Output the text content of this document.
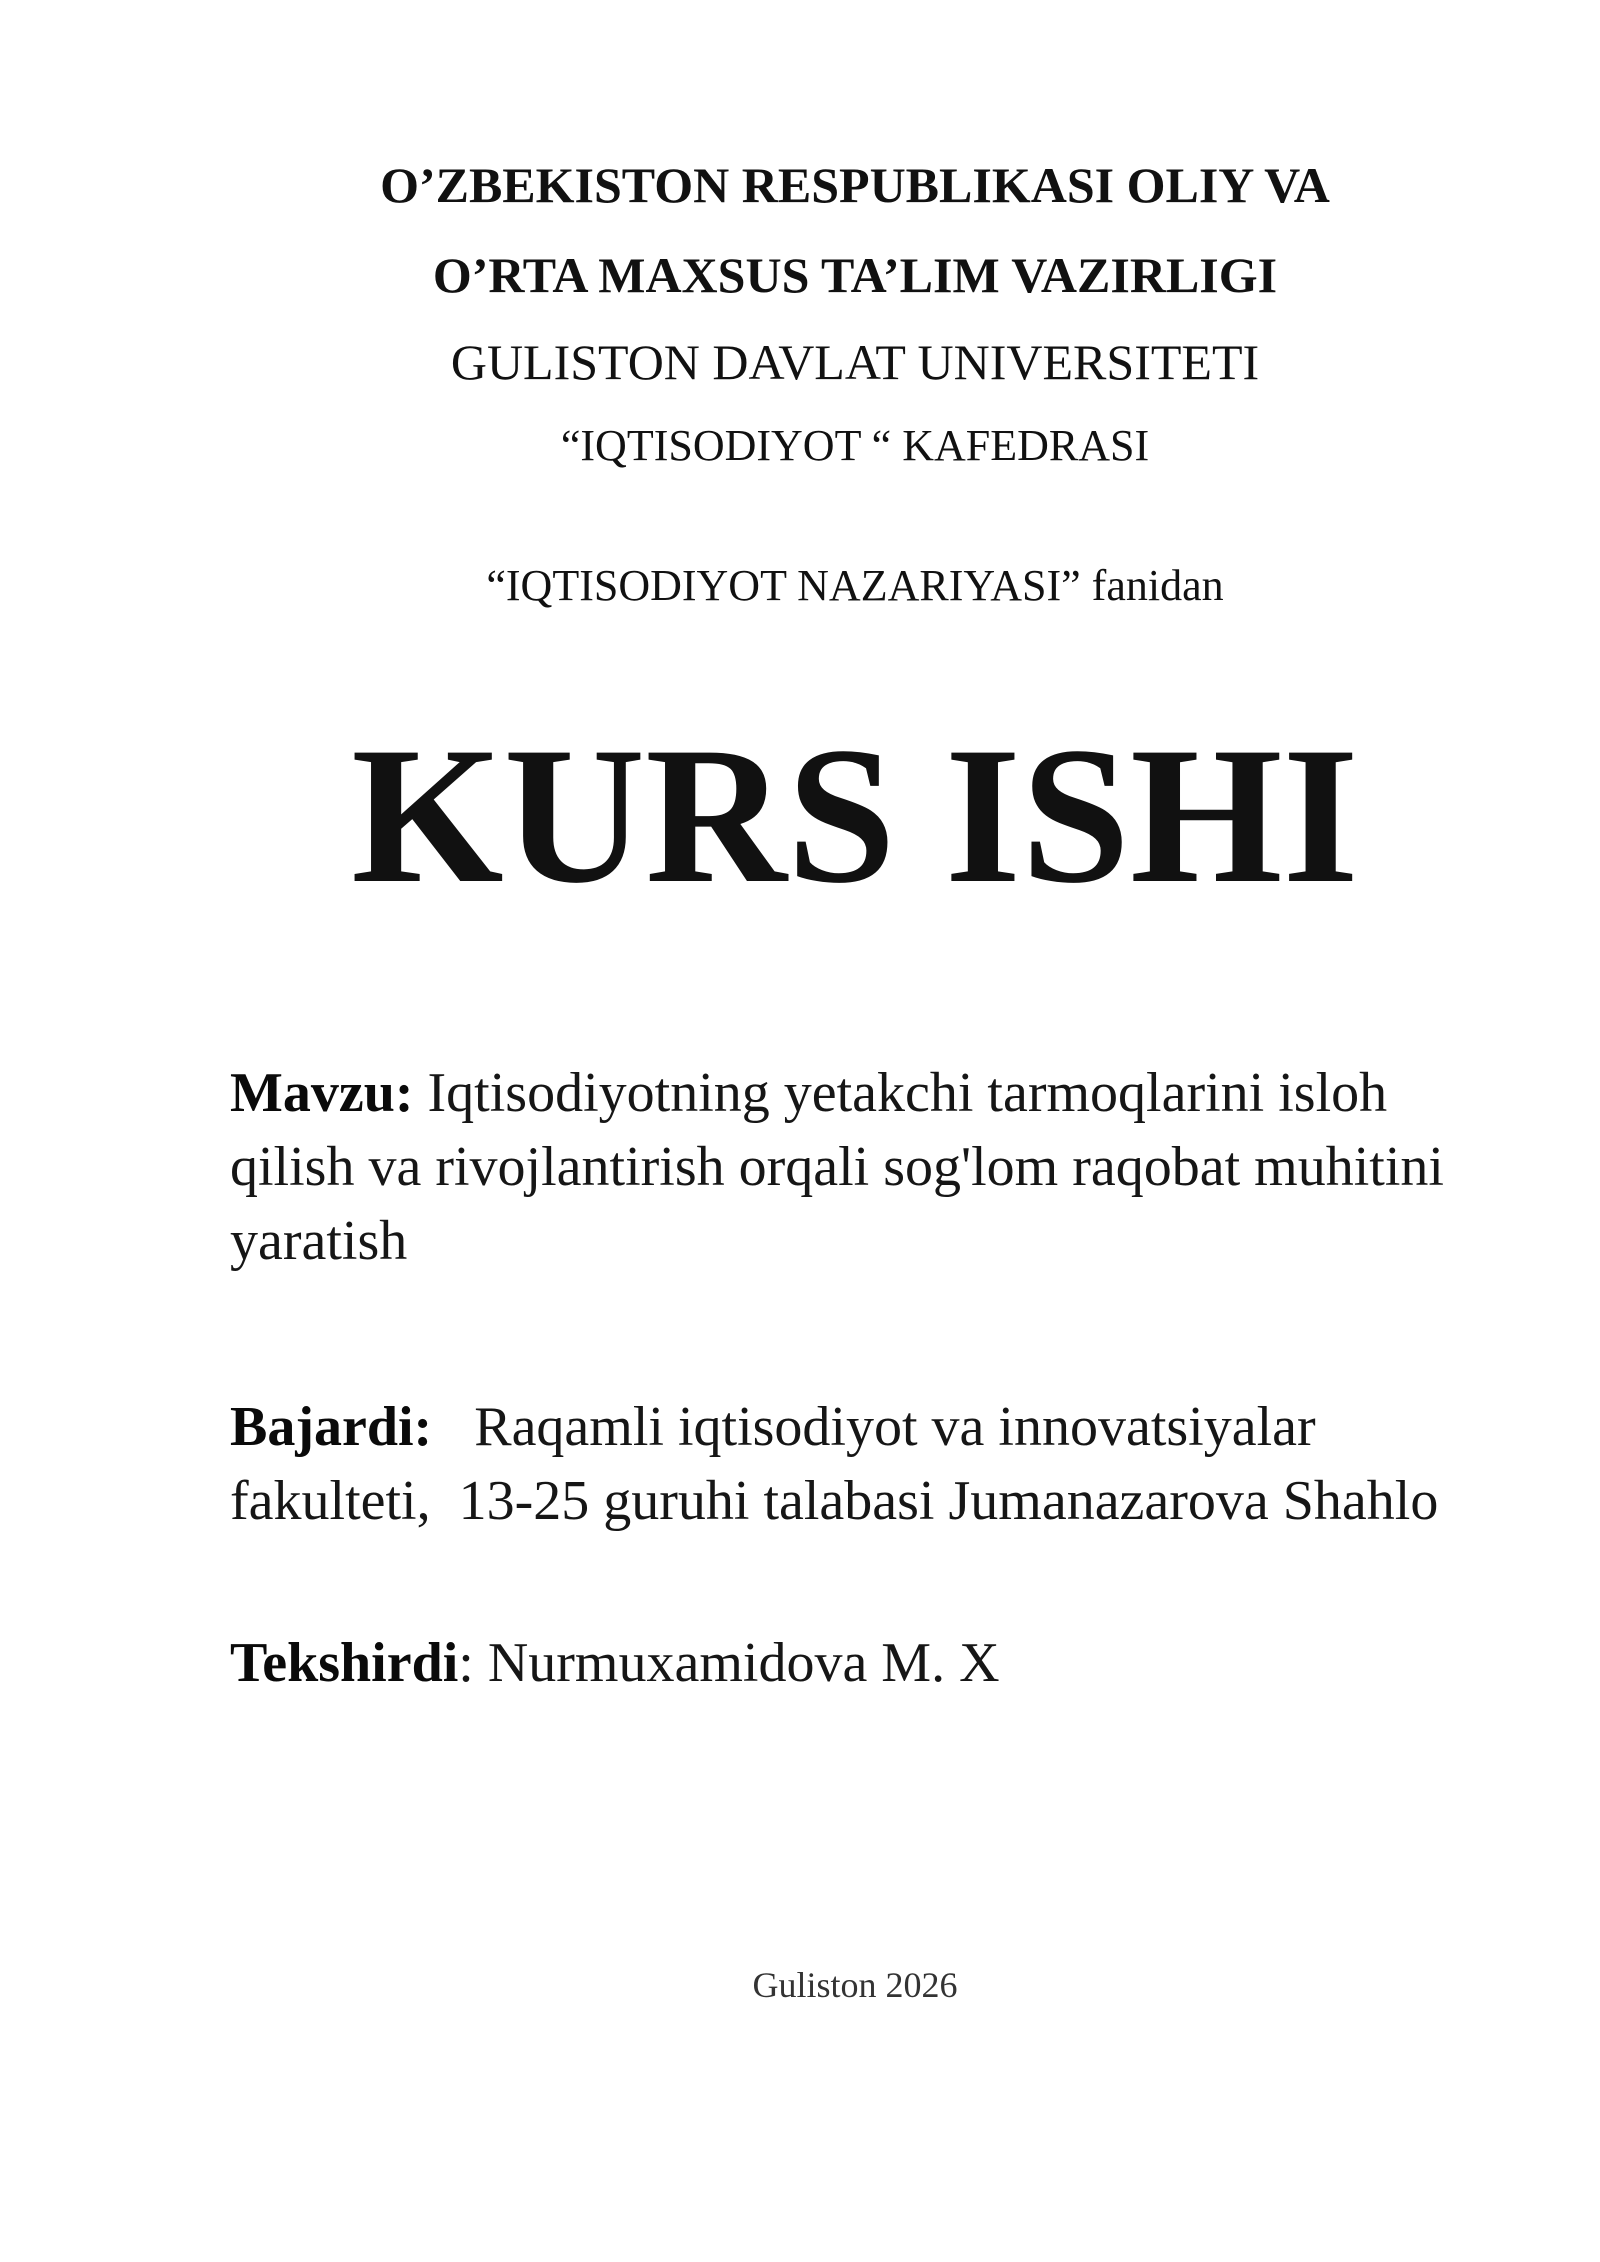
O’ZBEKISTON RESPUBLIKASI OLIY VA
O’RTA MAXSUS TA’LIM VAZIRLIGI
GULISTON DAVLAT UNIVERSITETI
“IQTISODIYOT “ KAFEDRASI
“IQTISODIYOT NAZARIYASI” fanidan
KURS ISHI
Mavzu: Iqtisodiyotning yetakchi tarmoqlarini isloh qilish va rivojlantirish orqali sog'lom raqobat muhitini yaratish
Bajardi: Raqamli iqtisodiyot va innovatsiyalar fakulteti,  13-25 guruhi talabasi Jumanazarova Shahlo
Tekshirdi: Nurmuxamidova M. X
Guliston 2026
